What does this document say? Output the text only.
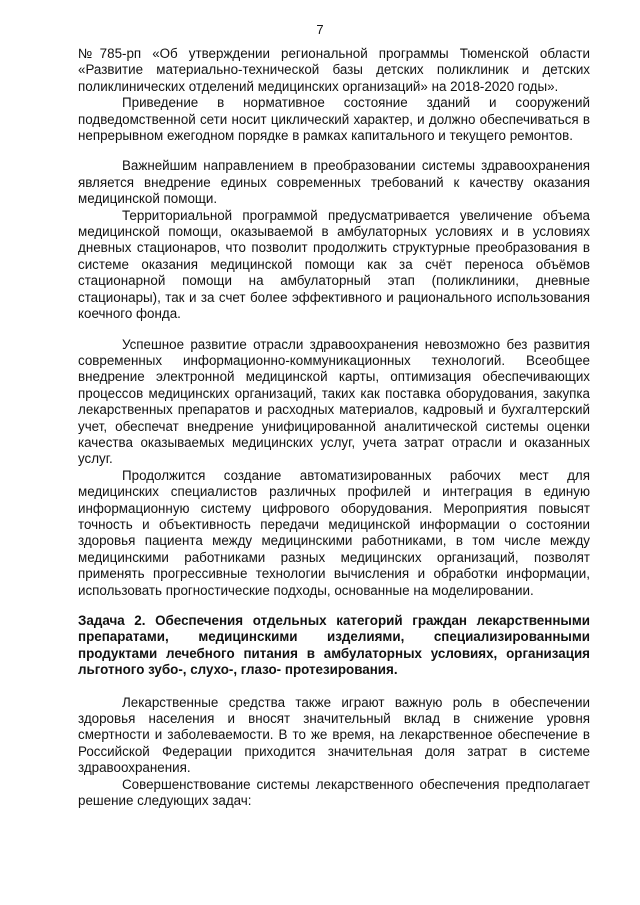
7

№785-рп «Об утверждении региональной программы Тюменской области «Развитие материально-технической базы детских поликлиник и детских поликлинических отделений медицинских организаций» на 2018-2020 годы».

Приведение в нормативное состояние зданий и сооружений подведомственной сети носит циклический характер, и должно обеспечиваться в непрерывном ежегодном порядке в рамках капитального и текущего ремонтов.

Важнейшим направлением в преобразовании системы здравоохранения является внедрение единых современных требований к качеству оказания медицинской помощи.

Территориальной программой предусматривается увеличение объема медицинской помощи, оказываемой в амбулаторных условиях и в условиях дневных стационаров, что позволит продолжить структурные преобразования в системе оказания медицинской помощи как за счёт переноса объёмов стационарной помощи на амбулаторный этап (поликлиники, дневные стационары), так и за счет более эффективного и рационального использования коечного фонда.

Успешное развитие отрасли здравоохранения невозможно без развития современных информационно-коммуникационных технологий. Всеобщее внедрение электронной медицинской карты, оптимизация обеспечивающих процессов медицинских организаций, таких как поставка оборудования, закупка лекарственных препаратов и расходных материалов, кадровый и бухгалтерский учет, обеспечат внедрение унифицированной аналитической системы оценки качества оказываемых медицинских услуг, учета затрат отрасли и оказанных услуг.

Продолжится создание автоматизированных рабочих мест для медицинских специалистов различных профилей и интеграция в единую информационную систему цифрового оборудования. Мероприятия повысят точность и объективность передачи медицинской информации о состоянии здоровья пациента между медицинскими работниками, в том числе между медицинскими работниками разных медицинских организаций, позволят применять прогрессивные технологии вычисления и обработки информации, использовать прогностические подходы, основанные на моделировании.

Задача 2. Обеспечения отдельных категорий граждан лекарственными препаратами, медицинскими изделиями, специализированными продуктами лечебного питания в амбулаторных условиях, организация льготного зубо-, слухо-, глазо- протезирования.

Лекарственные средства также играют важную роль в обеспечении здоровья населения и вносят значительный вклад в снижение уровня смертности и заболеваемости. В то же время, на лекарственное обеспечение в Российской Федерации приходится значительная доля затрат в системе здравоохранения.

Совершенствование системы лекарственного обеспечения предполагает решение следующих задач:
